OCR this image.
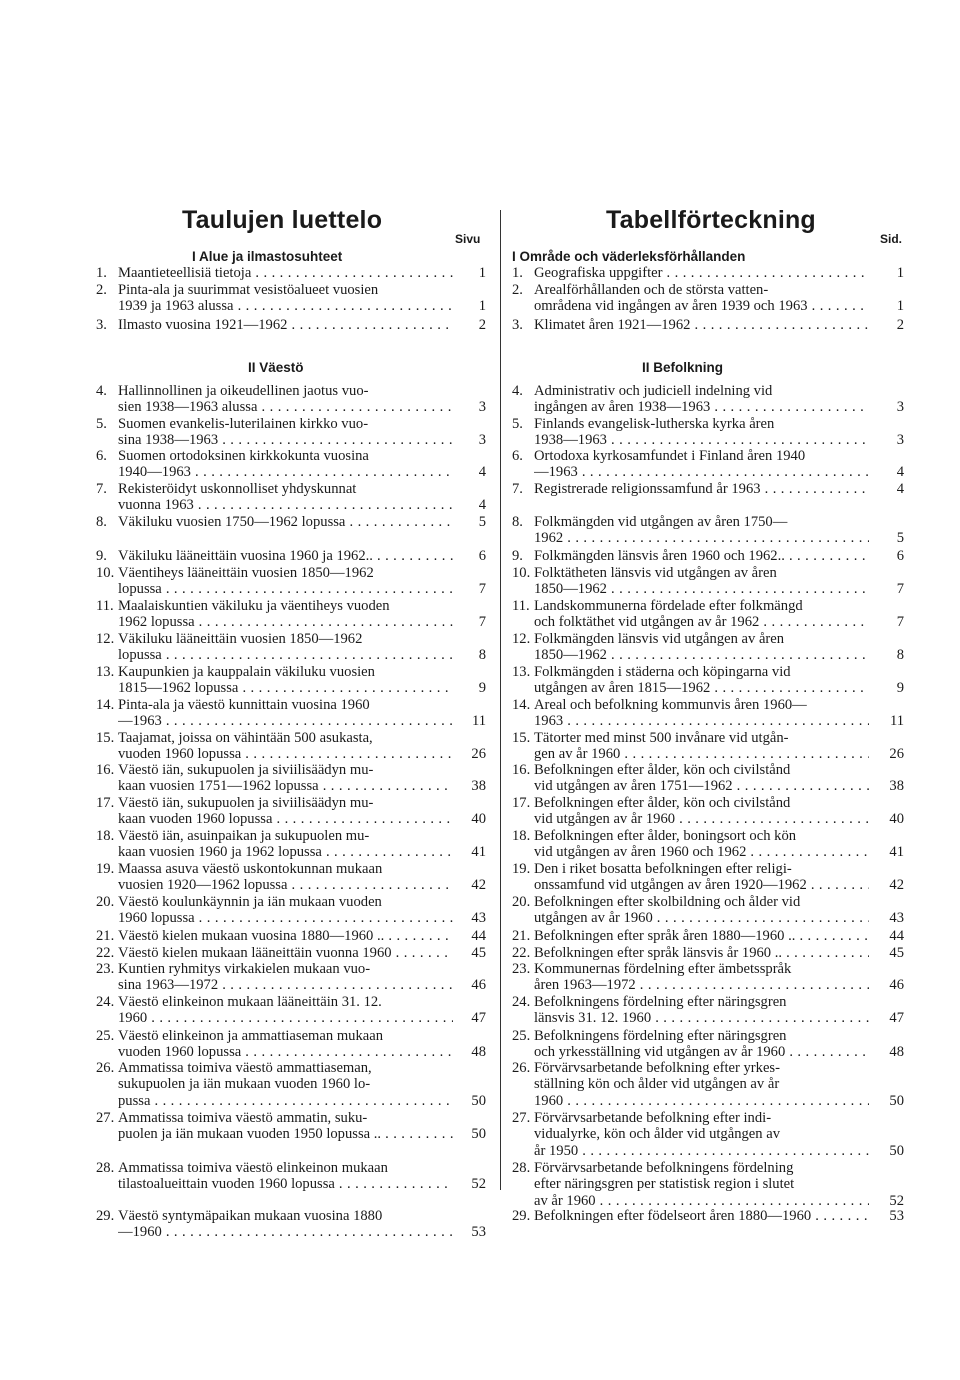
Taulujen luettelo
Sivu
I Alue ja ilmastosuhteet
1. Maantieteellisiä tietoja . . .	1
2. Pinta-ala ja suurimmat vesistöalueet vuosien
1939 ja 1963 alussa . . .	1
3. Ilmasto vuosina 1921—1962 . . .	2
II Väestö
4. Hallinnollinen ja oikeudellinen jaotus vuo-
sien 1938—1963 alussa . . .	3
5. Suomen evankelis-luterilainen kirkko vuo-
sina 1938—1963 . . .	3
6. Suomen ortodoksinen kirkkokunta vuosina
1940—1963 . . .	4
7. Rekisteröidyt uskonnolliset yhdyskunnat
vuonna 1963 . . .	4
8. Väkiluku vuosien 1750—1962 lopussa . . .	5
9. Väkiluku lääneittäin vuosina 1960 ja 1962.. . . .	6
10. Väentiheys lääneittäin vuosien 1850—1962
lopussa . . .	7
11. Maalaiskuntien väkiluku ja väentiheys vuoden
1962 lopussa . . .	7
12. Väkiluku lääneittäin vuosien 1850—1962
lopussa . . .	8
13. Kaupunkien ja kauppalain väkiluku vuosien
1815—1962 lopussa . . .	9
14. Pinta-ala ja väestö kunnittain vuosina 1960
—1963 . . .	11
15. Taajamat, joissa on vähintään 500 asukasta,
vuoden 1960 lopussa . . .	26
16. Väestö iän, sukupuolen ja siviilisäädyn mu-
kaan vuosien 1751—1962 lopussa . . .	38
17. Väestö iän, sukupuolen ja siviilisäädyn mu-
kaan vuoden 1960 lopussa . . .	40
18. Väestö iän, asuinpaikan ja sukupuolen mu-
kaan vuosien 1960 ja 1962 lopussa . . .	41
19. Maassa asuva väestö uskontokunnan mukaan
vuosien 1920—1962 lopussa . . .	42
20. Väestö koulunkäynnin ja iän mukaan vuoden
1960 lopussa . . .	43
21. Väestö kielen mukaan vuosina 1880—1960 .. . . .	44
22. Väestö kielen mukaan lääneittäin vuonna 1960 . . .	45
23. Kuntien ryhmitys virkakielen mukaan vuo-
sina 1963—1972 . . .	46
24. Väestö elinkeinon mukaan lääneittäin 31. 12.
1960 . . .	47
25. Väestö elinkeinon ja ammattiaseman mukaan
vuoden 1960 lopussa . . .	48
26. Ammatissa toimiva väestö ammattiaseman,
sukupuolen ja iän mukaan vuoden 1960 lo-
pussa . . .	50
27. Ammatissa toimiva väestö ammatin, suku-
puolen ja iän mukaan vuoden 1950 lopussa .. . . .	50
28. Ammatissa toimiva väestö elinkeinon mukaan
tilastoalueittain vuoden 1960 lopussa . . .	52
29. Väestö syntymäpaikan mukaan vuosina 1880
—1960 . . .	53
Tabellförteckning
Sid.
I Område och väderleksförhållanden
1. Geografiska uppgifter . . .	1
2. Arealförhållanden och de största vatten-
områdena vid ingången av åren 1939 och 1963 . . .	1
3. Klimatet åren 1921—1962 . . .	2
II Befolkning
4. Administrativ och judiciell indelning vid
ingången av åren 1938—1963 . . .	3
5. Finlands evangelisk-lutherska kyrka åren
1938—1963 . . .	3
6. Ortodoxa kyrkosamfundet i Finland åren 1940
—1963 . . .	4
7. Registrerade religionssamfund år 1963 . . .	4
8. Folkmängden vid utgången av åren 1750—
1962 . . .	5
9. Folkmängden länsvis åren 1960 och 1962.. . . .	6
10. Folktätheten länsvis vid utgången av åren
1850—1962 . . .	7
11. Landskommunerna fördelade efter folkmängd
och folktäthet vid utgången av år 1962 . . .	7
12. Folkmängden länsvis vid utgången av åren
1850—1962 . . .	8
13. Folkmängden i städerna och köpingarna vid
utgången av åren 1815—1962 . . .	9
14. Areal och befolkning kommunvis åren 1960—
1963 . . .	11
15. Tätorter med minst 500 invånare vid utgån-
gen av år 1960 . . .	26
16. Befolkningen efter ålder, kön och civilstånd
vid utgången av åren 1751—1962 . . .	38
17. Befolkningen efter ålder, kön och civilstånd
vid utgången av år 1960 . . .	40
18. Befolkningen efter ålder, boningsort och kön
vid utgången av åren 1960 och 1962 . . .	41
19. Den i riket bosatta befolkningen efter religi-
onssamfund vid utgången av åren 1920—1962 . . .	42
20. Befolkningen efter skolbildning och ålder vid
utgången av år 1960 . . .	43
21. Befolkningen efter språk åren 1880—1960 .. . . .	44
22. Befolkningen efter språk länsvis år 1960 .. . . .	45
23. Kommunernas fördelning efter ämbetsspråk
åren 1963—1972 . . .	46
24. Befolkningens fördelning efter näringsgren
länsvis 31. 12. 1960 . . .	47
25. Befolkningens fördelning efter näringsgren
och yrkesställning vid utgången av år 1960 . . .	48
26. Förvärvsarbetande befolkning efter yrkes-
ställning kön och ålder vid utgången av år
1960 . . .	50
27. Förvärvsarbetande befolkning efter indi-
vidualyrke, kön och ålder vid utgången av
år 1950 . . .	50
28. Förvärvsarbetande befolkningens fördelning
efter näringsgren per statistisk region i slutet
av år 1960 . . .	52
29. Befolkningen efter födelseort åren 1880—1960 . . .	53
